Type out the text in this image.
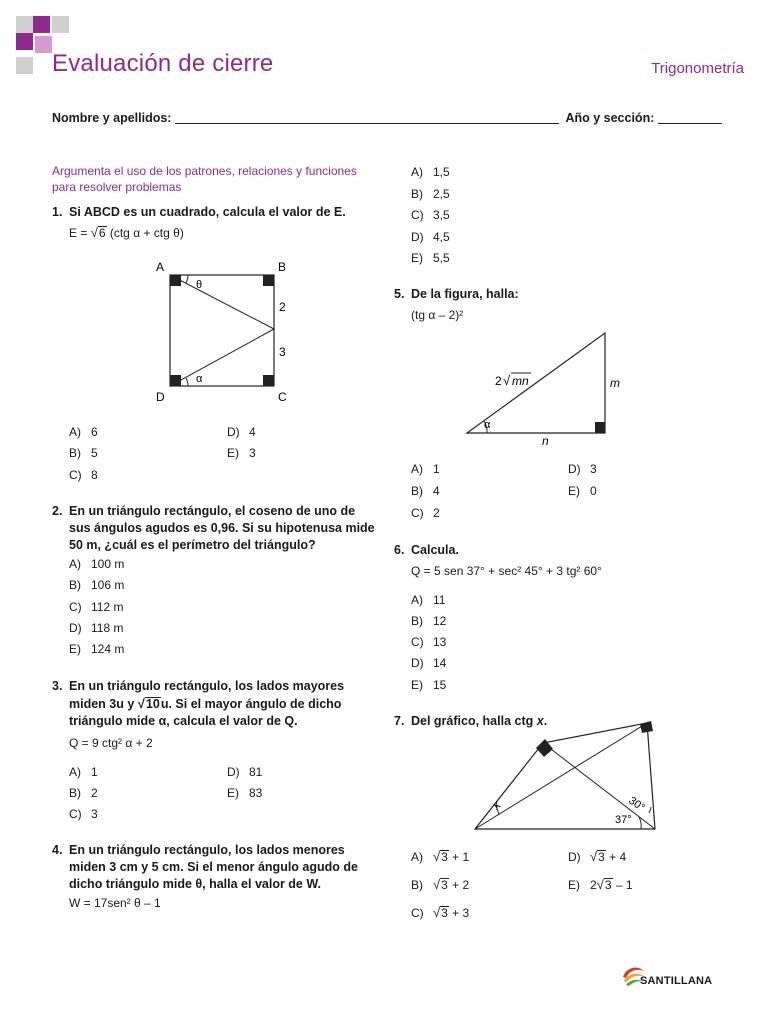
Evaluación de cierre	Trigonometría
Nombre y apellidos:	Año y sección:
Argumenta el uso de los patrones, relaciones y funciones para resolver problemas
1. Si ABCD es un cuadrado, calcula el valor de E.
E = √6 (ctg α + ctg θ)
A	B
C
D
θ
α
2
3
A) 6
B) 5
C) 8
D) 4
E) 3
2. En un triángulo rectángulo, el coseno de uno de
sus ángulos agudos es 0,96. Si su hipotenusa mide
50 m, ¿cuál es el perímetro del triángulo?
A) 100 m
B) 106 m
C) 112 m
D) 118 m
E) 124 m
3. En un triángulo rectángulo, los lados mayores
miden 3u y √10u. Si el mayor ángulo de dicho
triángulo mide α, calcula el valor de Q.
Q = 9 ctg² α + 2
A) 1
B) 2
C) 3
D) 81
E) 83
4. En un triángulo rectángulo, los lados menores
miden 3 cm y 5 cm. Si el menor ángulo agudo de
dicho triángulo mide θ, halla el valor de W.
W = 17sen² θ – 1
A) 1,5
B) 2,5
C) 3,5
D) 4,5
E) 5,5
5. De la figura, halla:
(tg α – 2)²
α
2 √ mn	m
n
A) 1
B) 4
C) 2
D) 3
E) 0
6. Calcula.
Q = 5 sen 37° + sec² 45° + 3 tg² 60°
A) 11
B) 12
C) 13
D) 14
E) 15
7. Del gráfico, halla ctg x.
x	30°
37°
A) √3 + 1
B) √3 + 2
C) √3 + 3
D) √3 + 4
E) 2√3 – 1
SANTILLANA
